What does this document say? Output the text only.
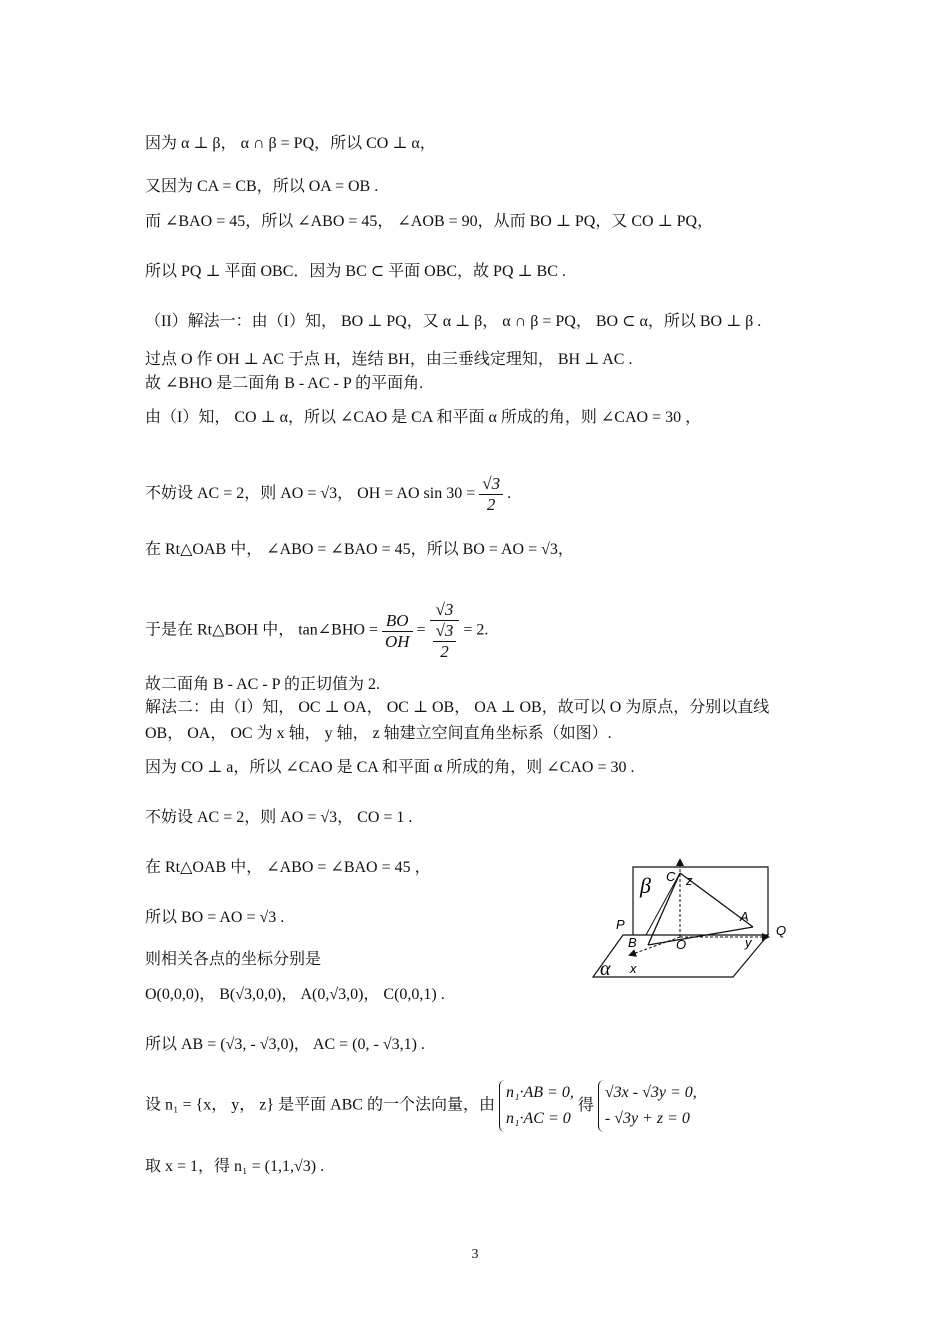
因为 α ⊥ β， α ∩ β = PQ，所以 CO ⊥ α，
又因为 CA = CB，所以 OA = OB .
而 ∠BAO = 45，所以 ∠ABO = 45， ∠AOB = 90，从而 BO ⊥ PQ，又 CO ⊥ PQ，
所以 PQ ⊥ 平面 OBC．因为 BC ⊂ 平面 OBC，故 PQ ⊥ BC .
（II）解法一：由（I）知， BO ⊥ PQ，又 α ⊥ β， α ∩ β = PQ， BO ⊂ α，所以 BO ⊥ β .
过点 O 作 OH ⊥ AC 于点 H，连结 BH，由三垂线定理知， BH ⊥ AC .
故 ∠BHO 是二面角 B - AC - P 的平面角.
由（I）知， CO ⊥ α，所以 ∠CAO 是 CA 和平面 α 所成的角，则 ∠CAO = 30 ，
不妨设 AC = 2，则 AO = √3， OH = AO $\sin 30 = \frac{√3}{2}$ .
在 Rt△OAB 中， ∠ABO = ∠BAO = 45，所以 BO = AO = √3，
于是在 Rt△BOH 中， tan∠BHO = $\frac{BO}{OH} = \frac{√3}{\frac{√3}{2}} = 2$.
故二面角 B - AC - P 的正切值为 2.
解法二：由（I）知， OC ⊥ OA， OC ⊥ OB， OA ⊥ OB，故可以 O 为原点，分别以直线
OB， OA， OC 为 x 轴， y 轴， z 轴建立空间直角坐标系（如图）.
因为 CO ⊥ a，所以 ∠CAO 是 CA 和平面 α 所成的角，则 ∠CAO = 30 .
不妨设 AC = 2，则 AO = √3， CO = 1 .
在 Rt△OAB 中， ∠ABO = ∠BAO = 45 ，
所以 BO = AO = √3 .
则相关各点的坐标分别是
O(0,0,0)， B(√3,0,0)， A(0,√3,0)， C(0,0,1) .
所以 AB = (√3, - √3,0)， AC = (0, - √3,1) .
设 n₁ = {x， y， z} 是平面 ABC 的一个法向量，由
n₁·AB = 0,
n₁·AC = 0
得
√3x - √3y = 0,
- √3y + z = 0
取 x = 1，得 n₁ = (1,1,√3) .
β
α
C z
P
A
Q
B	O	y
x
3
